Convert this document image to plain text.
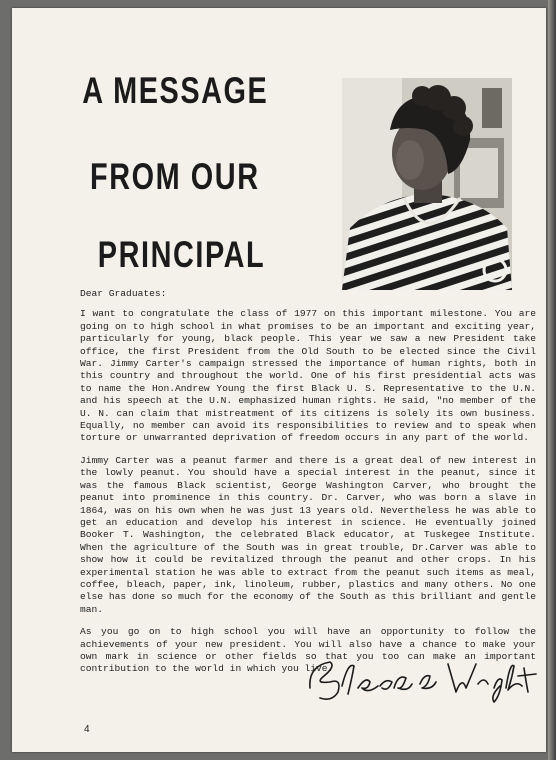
A MESSAGE
FROM OUR
PRINCIPAL

Dear Graduates:

I want to congratulate the class of 1977 on this important milestone. You are going on to high school in what promises to be an important and exciting year, particularly for young, black people. This year we saw a new President take office, the first President from the Old South to be elected since the Civil War. Jimmy Carter's campaign stressed the importance of human rights, both in this country and throughout the world. One of his first presidential acts was to name the Hon.Andrew Young the first Black U. S. Representative to the U.N. and his speech at the U.N. emphasized human rights. He said, "no member of the U. N. can claim that mistreatment of its citizens is solely its own business. Equally, no member can avoid its responsibilities to review and to speak when torture or unwarranted deprivation of freedom occurs in any part of the world.

Jimmy Carter was a peanut farmer and there is a great deal of new interest in the lowly peanut. You should have a special interest in the peanut, since it was the famous Black scientist, George Washington Carver, who brought the peanut into prominence in this country. Dr. Carver, who was born a slave in 1864, was on his own when he was just 13 years old. Nevertheless he was able to get an education and develop his interest in science. He eventually joined Booker T. Washington, the celebrated Black educator, at Tuskegee Institute. When the agriculture of the South was in great trouble, Dr.Carver was able to show how it could be revitalized through the peanut and other crops. In his experimental station he was able to extract from the peanut such items as meal, coffee, bleach, paper, ink, linoleum, rubber, plastics and many others. No one else has done so much for the economy of the South as this brilliant and gentle man.

As you go on to high school you will have an opportunity to follow the achievements of your new president. You will also have a chance to make your own mark in science or other fields so that you too can make an important contribution to the world in which you live.

4
